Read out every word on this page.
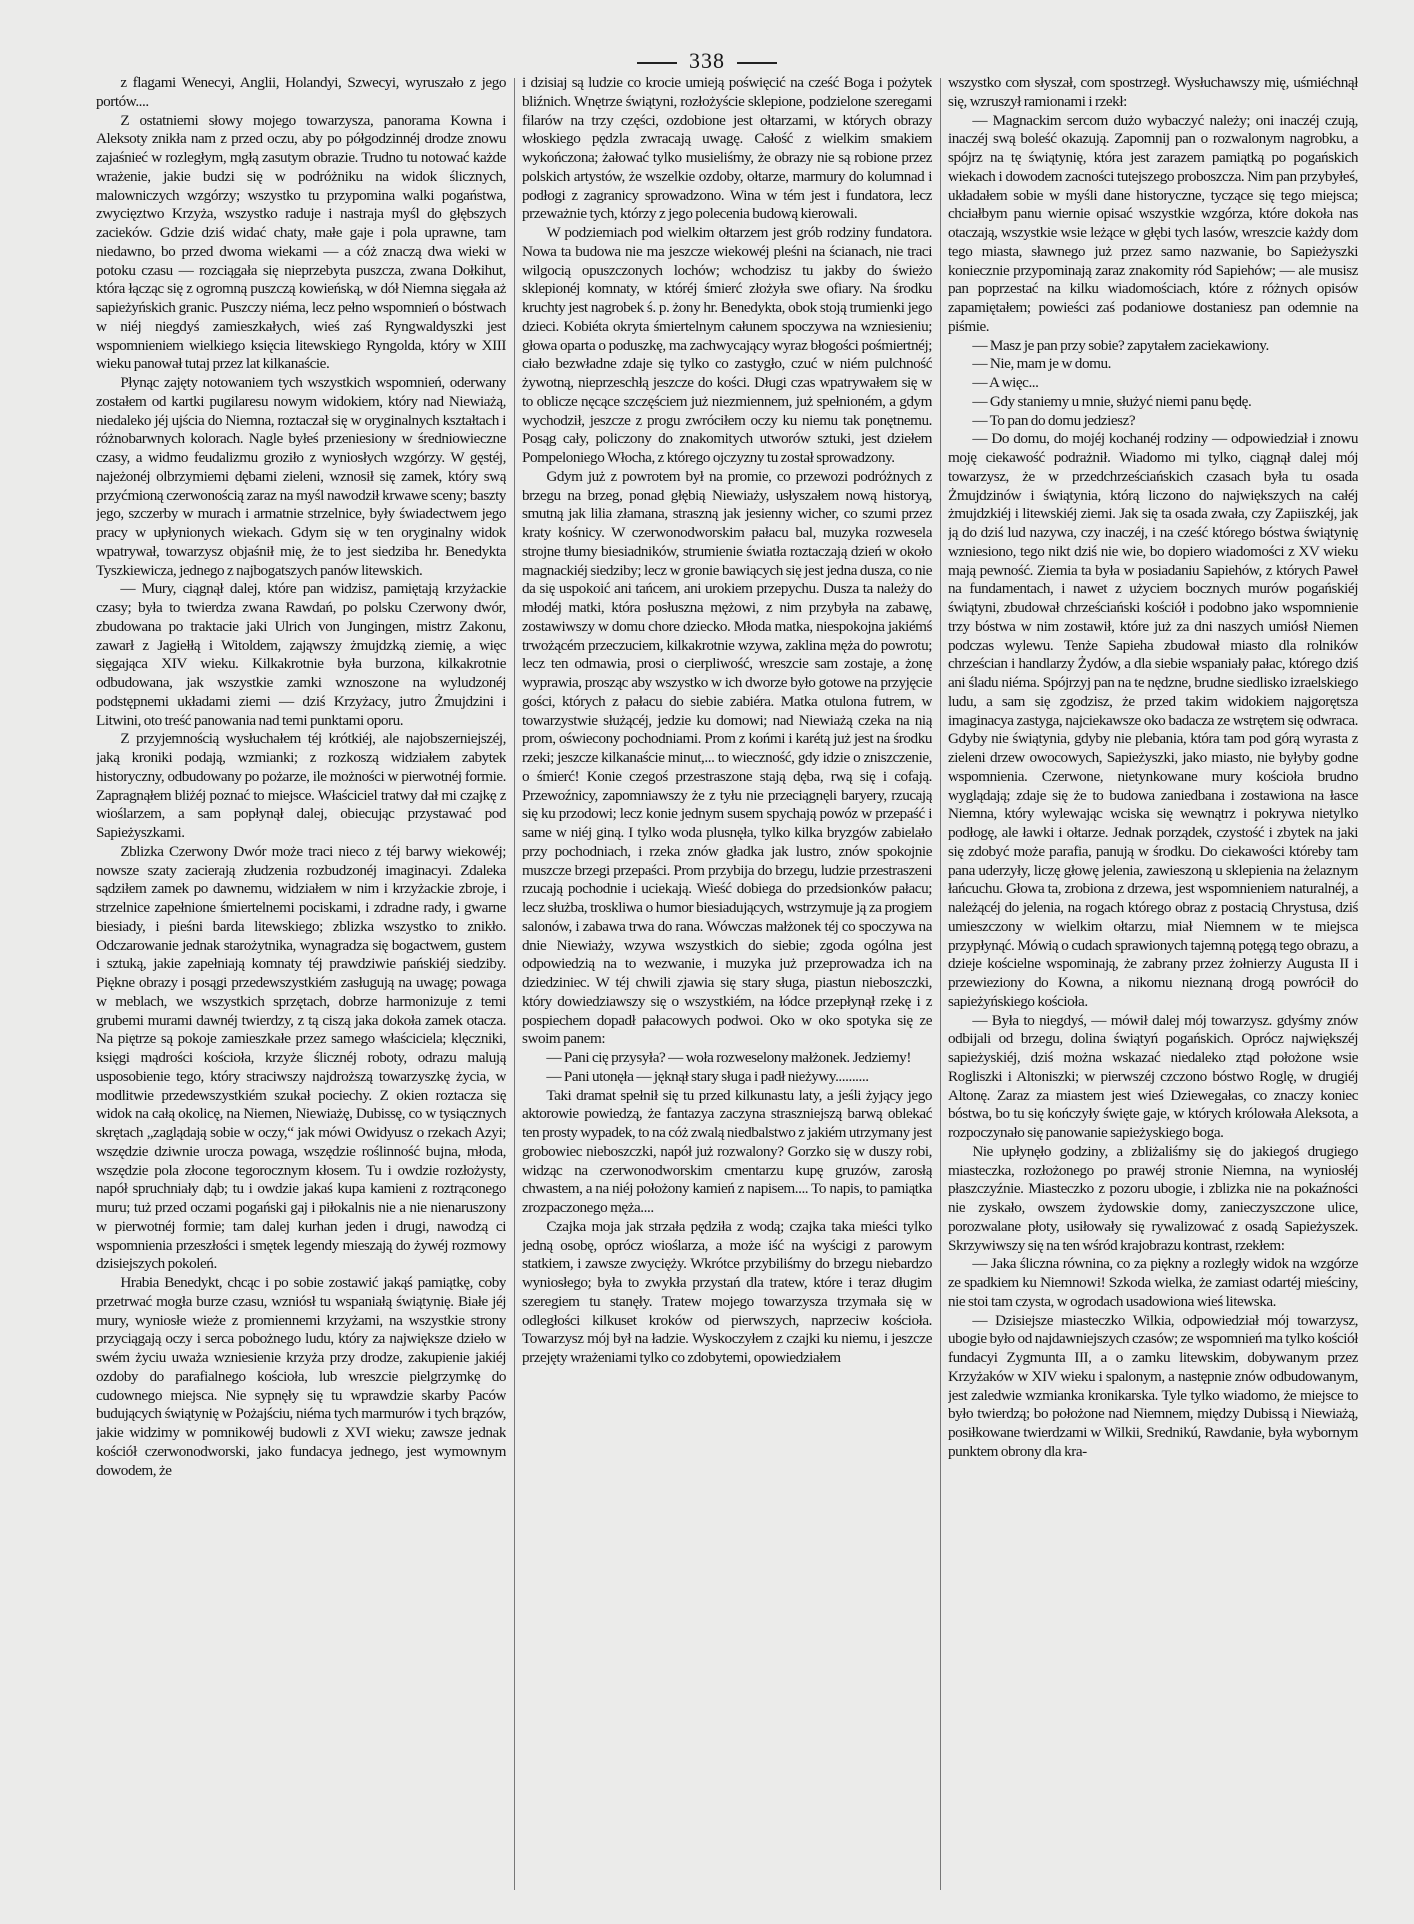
338

z flagami Wenecyi, Anglii, Holandyi, Szwecyi, wyruszało z jego portów....

Z ostatniemi słowy mojego towarzysza, panorama Kowna i Aleksoty znikła nam z przed oczu, aby po półgodzinnéj drodze znowu zajaśnieć w rozległym, mgłą zasutym obrazie. Trudno tu notować każde wrażenie, jakie budzi się w podróżniku na widok ślicznych, malowniczych wzgórzy; wszystko tu przypomina walki pogaństwa, zwycięztwo Krzyża, wszystko raduje i nastraja myśl do głębszych zacieków. Gdzie dziś widać chaty, małe gaje i pola uprawne, tam niedawno, bo przed dwoma wiekami — a cóż znaczą dwa wieki w potoku czasu — rozciągała się nieprzebyta puszcza, zwana Dołkihut, która łącząc się z ogromną puszczą kowieńską, w dół Niemna sięgała aż sapieżyńskich granic. Puszczy niéma, lecz pełno wspomnień o bóstwach w niéj niegdyś zamieszkałych, wieś zaś Ryngwaldyszki jest wspomnieniem wielkiego księcia litewskiego Ryngolda, który w XIII wieku panował tutaj przez lat kilkanaście.

Płynąc zajęty notowaniem tych wszystkich wspomnień, oderwany zostałem od kartki pugilaresu nowym widokiem, który nad Niewiażą, niedaleko jéj ujścia do Niemna, roztaczał się w oryginalnych kształtach i różnobarwnych kolorach. Nagle byłeś przeniesiony w średniowieczne czasy, a widmo feudalizmu groziło z wyniosłych wzgórzy. W gęstéj, najeżonéj olbrzymiemi dębami zieleni, wznosił się zamek, który swą przyćmioną czerwonością zaraz na myśl nawodził krwawe sceny; baszty jego, szczerby w murach i armatnie strzelnice, były świadectwem jego pracy w upłynionych wiekach. Gdym się w ten oryginalny widok wpatrywał, towarzysz objaśnił mię, że to jest siedziba hr. Benedykta Tyszkiewicza, jednego z najbogatszych panów litewskich.

— Mury, ciągnął dalej, które pan widzisz, pamiętają krzyżackie czasy; była to twierdza zwana Rawdań, po polsku Czerwony dwór, zbudowana po traktacie jaki Ulrich von Jungingen, mistrz Zakonu, zawarł z Jagiełłą i Witoldem, zająwszy żmujdzką ziemię, a więc sięgająca XIV wieku. Kilkakrotnie była burzona, kilkakrotnie odbudowana, jak wszystkie zamki wznoszone na wyludzonéj podstępnemi układami ziemi — dziś Krzyżacy, jutro Żmujdzini i Litwini, oto treść panowania nad temi punktami oporu.

Z przyjemnością wysłuchałem téj krótkiéj, ale najobszerniejszéj, jaką kroniki podają, wzmianki; z rozkoszą widziałem zabytek historyczny, odbudowany po pożarze, ile możności w pierwotnéj formie. Zapragnąłem bliżéj poznać to miejsce. Właściciel tratwy dał mi czajkę z wioślarzem, a sam popłynął dalej, obiecując przystawać pod Sapieżyszkami.

Zblizka Czerwony Dwór może traci nieco z téj barwy wiekowéj; nowsze szaty zacierają złudzenia rozbudzonéj imaginacyi. Zdaleka sądziłem zamek po dawnemu, widziałem w nim i krzyżackie zbroje, i strzelnice zapełnione śmiertelnemi pociskami, i zdradne rady, i gwarne biesiady, i pieśni barda litewskiego; zblizka wszystko to znikło. Odczarowanie jednak starożytnika, wynagradza się bogactwem, gustem i sztuką, jakie zapełniają komnaty téj prawdziwie pańskiéj siedziby. Piękne obrazy i posągi przedewszystkiém zasługują na uwagę; powaga w meblach, we wszystkich sprzętach, dobrze harmonizuje z temi grubemi murami dawnéj twierdzy, z tą ciszą jaka dokoła zamek otacza. Na piętrze są pokoje zamieszkałe przez samego właściciela; klęczniki, księgi mądrości kościoła, krzyże ślicznéj roboty, odrazu malują usposobienie tego, który straciwszy najdroższą towarzyszkę życia, w modlitwie przedewszystkiém szukał pociechy. Z okien roztacza się widok na całą okolicę, na Niemen, Niewiażę, Dubissę, co w tysiącznych skrętach „zaglądają sobie w oczy,“ jak mówi Owidyusz o rzekach Azyi; wszędzie dziwnie urocza powaga, wszędzie roślinność bujna, młoda, wszędzie pola złocone tegorocznym kłosem. Tu i owdzie rozłożysty, napół spruchniały dąb; tu i owdzie jakaś kupa kamieni z roztrąconego muru; tuż przed oczami pogański gaj i piłokalnis nie a nie nienaruszony w pierwotnéj formie; tam dalej kurhan jeden i drugi, nawodzą ci wspomnienia przeszłości i smętek legendy mieszają do żywéj rozmowy dzisiejszych pokoleń.

Hrabia Benedykt, chcąc i po sobie zostawić jakąś pamiątkę, coby przetrwać mogła burze czasu, wzniósł tu wspaniałą świątynię. Białe jéj mury, wyniosłe wieże z promiennemi krzyżami, na wszystkie strony przyciągają oczy i serca pobożnego ludu, który za największe dzieło w swém życiu uważa wzniesienie krzyża przy drodze, zakupienie jakiéj ozdoby do parafialnego kościoła, lub wreszcie pielgrzymkę do cudownego miejsca. Nie sypnęły się tu wprawdzie skarby Paców budujących świątynię w Pożajściu, niéma tych marmurów i tych brązów, jakie widzimy w pomnikowéj budowli z XVI wieku; zawsze jednak kościół czerwonodworski, jako fundacya jednego, jest wymownym dowodem, że

i dzisiaj są ludzie co krocie umieją poświęcić na cześć Boga i pożytek bliźnich. Wnętrze świątyni, rozłożyście sklepione, podzielone szeregami filarów na trzy części, ozdobione jest ołtarzami, w których obrazy włoskiego pędzla zwracają uwagę. Całość z wielkim smakiem wykończona; żałować tylko musieliśmy, że obrazy nie są robione przez polskich artystów, że wszelkie ozdoby, ołtarze, marmury do kolumnad i podłogi z zagranicy sprowadzono. Wina w tém jest i fundatora, lecz przeważnie tych, którzy z jego polecenia budową kierowali.

W podziemiach pod wielkim ołtarzem jest grób rodziny fundatora. Nowa ta budowa nie ma jeszcze wiekowéj pleśni na ścianach, nie traci wilgocią opuszczonych lochów; wchodzisz tu jakby do świeżo sklepionéj komnaty, w któréj śmierć złożyła swe ofiary. Na środku kruchty jest nagrobek ś. p. żony hr. Benedykta, obok stoją trumienki jego dzieci. Kobiéta okryta śmiertelnym całunem spoczywa na wzniesieniu; głowa oparta o poduszkę, ma zachwycający wyraz błogości pośmiertnéj; ciało bezwładne zdaje się tylko co zastygło, czuć w niém pulchność żywotną, nieprzeschłą jeszcze do kości. Długi czas wpatrywałem się w to oblicze nęcące szczęściem już niezmiennem, już spełnioném, a gdym wychodził, jeszcze z progu zwróciłem oczy ku niemu tak ponętnemu. Posąg cały, policzony do znakomitych utworów sztuki, jest dziełem Pompeloniego Włocha, z którego ojczyzny tu został sprowadzony.

Gdym już z powrotem był na promie, co przewozi podróżnych z brzegu na brzeg, ponad głębią Niewiaży, usłyszałem nową historyą, smutną jak lilia złamana, straszną jak jesienny wicher, co szumi przez kraty kośnicy. W czerwonodworskim pałacu bal, muzyka rozwesela strojne tłumy biesiadników, strumienie światła roztaczają dzień w około magnackiéj siedziby; lecz w gronie bawiących się jest jedna dusza, co nie da się uspokoić ani tańcem, ani urokiem przepychu. Dusza ta należy do młodéj matki, która posłuszna mężowi, z nim przybyła na zabawę, zostawiwszy w domu chore dziecko. Młoda matka, niespokojna jakiémś trwożącém przeczuciem, kilkakrotnie wzywa, zaklina męża do powrotu; lecz ten odmawia, prosi o cierpliwość, wreszcie sam zostaje, a żonę wyprawia, prosząc aby wszystko w ich dworze było gotowe na przyjęcie gości, których z pałacu do siebie zabiéra. Matka otulona futrem, w towarzystwie służącéj, jedzie ku domowi; nad Niewiażą czeka na nią prom, oświecony pochodniami. Prom z końmi i karétą już jest na środku rzeki; jeszcze kilkanaście minut,... to wieczność, gdy idzie o zniszczenie, o śmierć! Konie czegoś przestraszone stają dęba, rwą się i cofają. Przewoźnicy, zapomniawszy że z tyłu nie przeciągnęli baryery, rzucają się ku przodowi; lecz konie jednym susem spychają powóz w przepaść i same w niéj giną. I tylko woda plusnęła, tylko kilka bryzgów zabielało przy pochodniach, i rzeka znów gładka jak lustro, znów spokojnie muszcze brzegi przepaści. Prom przybija do brzegu, ludzie przestraszeni rzucają pochodnie i uciekają. Wieść dobiega do przedsionków pałacu; lecz służba, troskliwa o humor biesiadujących, wstrzymuje ją za progiem salonów, i zabawa trwa do rana. Wówczas małżonek téj co spoczywa na dnie Niewiaży, wzywa wszystkich do siebie; zgoda ogólna jest odpowiedzią na to wezwanie, i muzyka już przeprowadza ich na dziedziniec. W téj chwili zjawia się stary sługa, piastun nieboszczki, który dowiedziawszy się o wszystkiém, na łódce przepłynął rzekę i z pospiechem dopadł pałacowych podwoi. Oko w oko spotyka się ze swoim panem:

— Pani cię przysyła? — woła rozweselony małżonek. Jedziemy!

— Pani utonęła — jęknął stary sługa i padł nieżywy..........

Taki dramat spełnił się tu przed kilkunastu laty, a jeśli żyjący jego aktorowie powiedzą, że fantazya zaczyna straszniejszą barwą oblekać ten prosty wypadek, to na cóż zwalą niedbalstwo z jakiém utrzymany jest grobowiec nieboszczki, napół już rozwalony? Gorzko się w duszy robi, widząc na czerwonodworskim cmentarzu kupę gruzów, zarosłą chwastem, a na niéj położony kamień z napisem.... To napis, to pamiątka zrozpaczonego męża....

Czajka moja jak strzała pędziła z wodą; czajka taka mieści tylko jedną osobę, oprócz wioślarza, a może iść na wyścigi z parowym statkiem, i zawsze zwycięży. Wkrótce przybiliśmy do brzegu niebardzo wyniosłego; była to zwykła przystań dla tratew, które i teraz długim szeregiem tu stanęły. Tratew mojego towarzysza trzymała się w odległości kilkuset kroków od pierwszych, naprzeciw kościoła. Towarzysz mój był na ładzie. Wyskoczyłem z czajki ku niemu, i jeszcze przejęty wrażeniami tylko co zdobytemi, opowiedziałem

wszystko com słyszał, com spostrzegł. Wysłuchawszy mię, uśmiéchnął się, wzruszył ramionami i rzekł:

— Magnackim sercom dużo wybaczyć należy; oni inaczéj czują, inaczéj swą boleść okazują. Zapomnij pan o rozwalonym nagrobku, a spójrz na tę świątynię, która jest zarazem pamiątką po pogańskich wiekach i dowodem zacności tutejszego proboszcza. Nim pan przybyłeś, układałem sobie w myśli dane historyczne, tyczące się tego miejsca; chciałbym panu wiernie opisać wszystkie wzgórza, które dokoła nas otaczają, wszystkie wsie leżące w głębi tych lasów, wreszcie każdy dom tego miasta, sławnego już przez samo nazwanie, bo Sapieżyszki koniecznie przypominają zaraz znakomity ród Sapiehów; — ale musisz pan poprzestać na kilku wiadomościach, które z różnych opisów zapamiętałem; powieści zaś podaniowe dostaniesz pan odemnie na piśmie.

— Masz je pan przy sobie? zapytałem zaciekawiony.

— Nie, mam je w domu.

— A więc...

— Gdy staniemy u mnie, służyć niemi panu będę.

— To pan do domu jedziesz?

— Do domu, do mojéj kochanéj rodziny — odpowiedział i znowu moję ciekawość podrażnił. Wiadomo mi tylko, ciągnął dalej mój towarzysz, że w przedchrześciańskich czasach była tu osada Żmujdzinów i świątynia, którą liczono do największych na całéj żmujdzkiéj i litewskiéj ziemi. Jak się ta osada zwała, czy Zapiiszkéj, jak ją do dziś lud nazywa, czy inaczéj, i na cześć którego bóstwa świątynię wzniesiono, tego nikt dziś nie wie, bo dopiero wiadomości z XV wieku mają pewność. Ziemia ta była w posiadaniu Sapiehów, z których Paweł na fundamentach, i nawet z użyciem bocznych murów pogańskiéj świątyni, zbudował chrześciański kościół i podobno jako wspomnienie trzy bóstwa w nim zostawił, które już za dni naszych umiósł Niemen podczas wylewu. Tenże Sapieha zbudował miasto dla rolników chrześcian i handlarzy Żydów, a dla siebie wspaniały pałac, którego dziś ani śladu niéma. Spójrzyj pan na te nędzne, brudne siedlisko izraelskiego ludu, a sam się zgodzisz, że przed takim widokiem najgorętsza imaginacya zastyga, najciekawsze oko badacza ze wstrętem się odwraca. Gdyby nie świątynia, gdyby nie plebania, która tam pod górą wyrasta z zieleni drzew owocowych, Sapieżyszki, jako miasto, nie byłyby godne wspomnienia. Czerwone, nietynkowane mury kościoła brudno wyglądają; zdaje się że to budowa zaniedbana i zostawiona na łasce Niemna, który wylewając wciska się wewnątrz i pokrywa nietylko podłogę, ale ławki i ołtarze. Jednak porządek, czystość i zbytek na jaki się zdobyć może parafia, panują w środku. Do ciekawości któreby tam pana uderzyły, liczę głowę jelenia, zawieszoną u sklepienia na żelaznym łańcuchu. Głowa ta, zrobiona z drzewa, jest wspomnieniem naturalnéj, a należącéj do jelenia, na rogach którego obraz z postacią Chrystusa, dziś umieszczony w wielkim ołtarzu, miał Niemnem w te miejsca przypłynąć. Mówią o cudach sprawionych tajemną potęgą tego obrazu, a dzieje kościelne wspominają, że zabrany przez żołnierzy Augusta II i przewieziony do Kowna, a nikomu nieznaną drogą powrócił do sapieżyńskiego kościoła.

— Była to niegdyś, — mówił dalej mój towarzysz. gdyśmy znów odbijali od brzegu, dolina świątyń pogańskich. Oprócz największéj sapieżyskiéj, dziś można wskazać niedaleko ztąd położone wsie Rogliszki i Altoniszki; w pierwszéj czczono bóstwo Roglę, w drugiéj Altonę. Zaraz za miastem jest wieś Dziewegałas, co znaczy koniec bóstwa, bo tu się kończyły święte gaje, w których królowała Aleksota, a rozpoczynało się panowanie sapieżyskiego boga.

Nie upłynęło godziny, a zbliżaliśmy się do jakiegoś drugiego miasteczka, rozłożonego po prawéj stronie Niemna, na wyniosłéj płaszczyźnie. Miasteczko z pozoru ubogie, i zblizka nie na pokaźności nie zyskało, owszem żydowskie domy, zanieczyszczone ulice, porozwalane płoty, usiłowały się rywalizować z osadą Sapieżyszek. Skrzywiwszy się na ten wśród krajobrazu kontrast, rzekłem:

— Jaka śliczna równina, co za piękny a rozległy widok na wzgórze ze spadkiem ku Niemnowi! Szkoda wielka, że zamiast odartéj mieściny, nie stoi tam czysta, w ogrodach usadowiona wieś litewska.

— Dzisiejsze miasteczko Wilkia, odpowiedział mój towarzysz, ubogie było od najdawniejszych czasów; ze wspomnień ma tylko kościół fundacyi Zygmunta III, a o zamku litewskim, dobywanym przez Krzyżaków w XIV wieku i spalonym, a następnie znów odbudowanym, jest zaledwie wzmianka kronikarska. Tyle tylko wiadomo, że miejsce to było twierdzą; bo położone nad Niemnem, między Dubissą i Niewiażą, posiłkowane twierdzami w Wilkii, Srednikú, Rawdanie, była wybornym punktem obrony dla kra-
